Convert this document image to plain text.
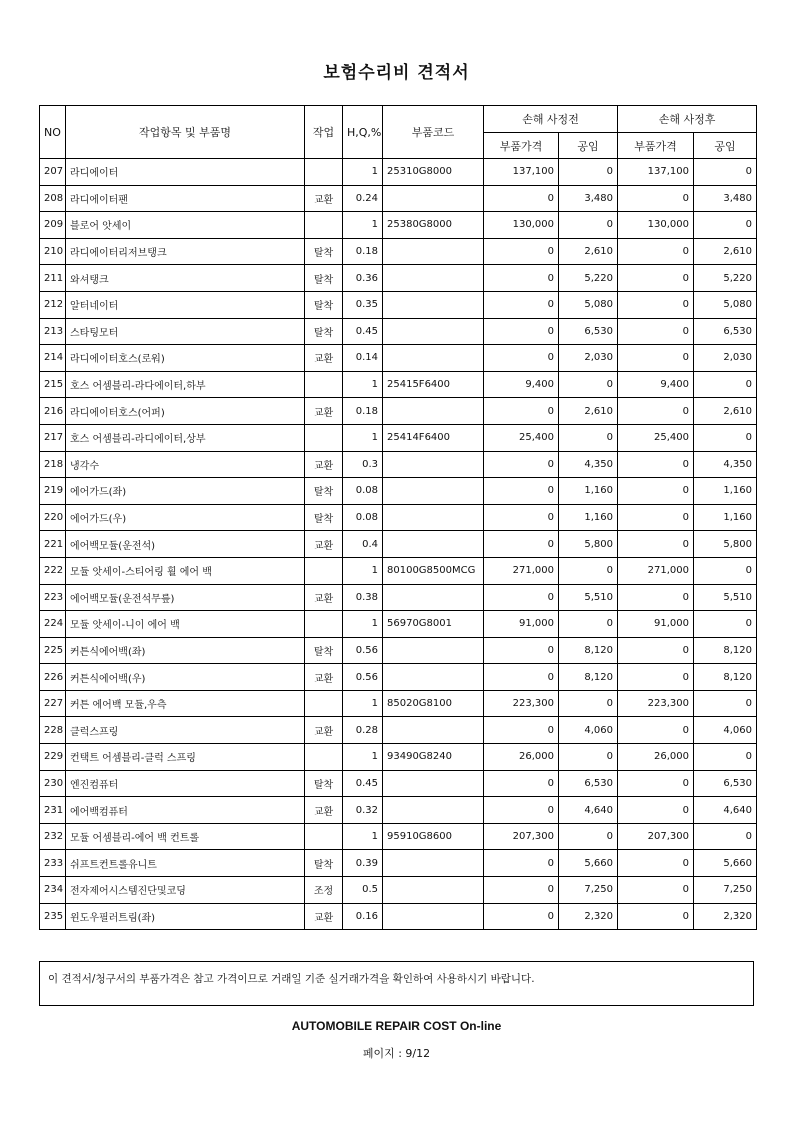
보험수리비 견적서
NO	작업항목 및 부품명	작업	H,Q,%	부품코드	손해 사정전		손해 사정후	
					부품가격	공임	부품가격	공임
207	라디에이터		1	25310G8000	137,100	0	137,100	0
208	라디에이터팬	교환	0.24		0	3,480	0	3,480
209	블로어 앗세이		1	25380G8000	130,000	0	130,000	0
210	라디에이터리저브탱크	탈착	0.18		0	2,610	0	2,610
211	와셔탱크	탈착	0.36		0	5,220	0	5,220
212	알터네이터	탈착	0.35		0	5,080	0	5,080
213	스타팅모터	탈착	0.45		0	6,530	0	6,530
214	라디에이터호스(로워)	교환	0.14		0	2,030	0	2,030
215	호스 어셈블리-라다에이터,하부		1	25415F6400	9,400	0	9,400	0
216	라디에이터호스(어퍼)	교환	0.18		0	2,610	0	2,610
217	호스 어셈블리-라디에이터,상부		1	25414F6400	25,400	0	25,400	0
218	냉각수	교환	0.3		0	4,350	0	4,350
219	에어가드(좌)	탈착	0.08		0	1,160	0	1,160
220	에어가드(우)	탈착	0.08		0	1,160	0	1,160
221	에어백모듈(운전석)	교환	0.4		0	5,800	0	5,800
222	모듈 앗세이-스티어링 휠 에어 백		1	80100G8500MCG	271,000	0	271,000	0
223	에어백모듈(운전석무릎)	교환	0.38		0	5,510	0	5,510
224	모듈 앗세이-니이 에어 백		1	56970G8001	91,000	0	91,000	0
225	커튼식에어백(좌)	탈착	0.56		0	8,120	0	8,120
226	커튼식에어백(우)	교환	0.56		0	8,120	0	8,120
227	커튼 에어백 모듈,우측		1	85020G8100	223,300	0	223,300	0
228	클럭스프링	교환	0.28		0	4,060	0	4,060
229	컨택트 어셈블리-클럭 스프링		1	93490G8240	26,000	0	26,000	0
230	엔진컴퓨터	탈착	0.45		0	6,530	0	6,530
231	에어백컴퓨터	교환	0.32		0	4,640	0	4,640
232	모듈 어셈블리-에어 백 컨트롤		1	95910G8600	207,300	0	207,300	0
233	쉬프트컨트롤유니트	탈착	0.39		0	5,660	0	5,660
234	전자제어시스템진단및코딩	조정	0.5		0	7,250	0	7,250
235	윈도우필러트림(좌)	교환	0.16		0	2,320	0	2,320
이 견적서/청구서의 부품가격은 참고 가격이므로 거래일 기준 실거래가격을 확인하여 사용하시기 바랍니다.
AUTOMOBILE REPAIR COST On-line
페이지 : 9/12
